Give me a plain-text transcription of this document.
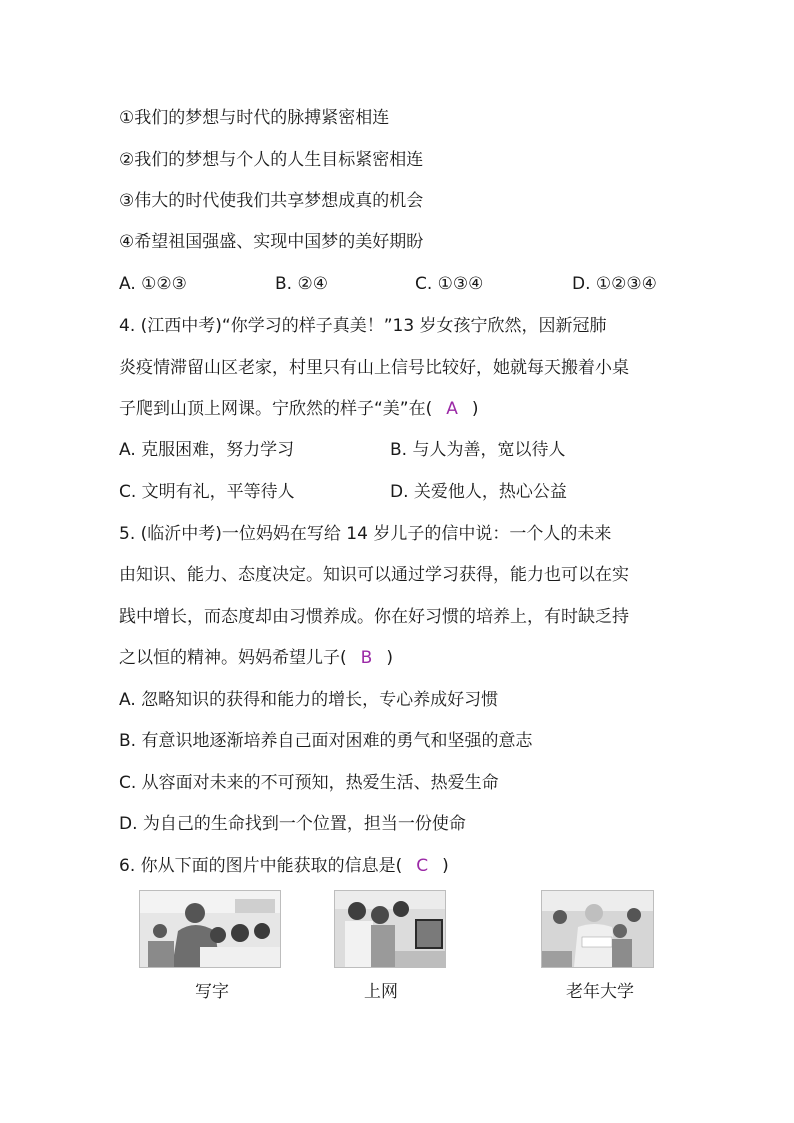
①我们的梦想与时代的脉搏紧密相连
②我们的梦想与个人的人生目标紧密相连
③伟大的时代使我们共享梦想成真的机会
④希望祖国强盛、实现中国梦的美好期盼
A. ①②③	B. ②④	C. ①③④	D. ①②③④
4. (江西中考)“你学习的样子真美！”13 岁女孩宁欣然，因新冠肺
炎疫情滞留山区老家，村里只有山上信号比较好，她就每天搬着小桌
子爬到山顶上网课。宁欣然的样子“美”在( A )
A. 克服困难，努力学习	B. 与人为善，宽以待人
C. 文明有礼，平等待人	D. 关爱他人，热心公益
5. (临沂中考)一位妈妈在写给 14 岁儿子的信中说：一个人的未来
由知识、能力、态度决定。知识可以通过学习获得，能力也可以在实
践中增长，而态度却由习惯养成。你在好习惯的培养上，有时缺乏持
之以恒的精神。妈妈希望儿子( B )
A. 忽略知识的获得和能力的增长，专心养成好习惯
B. 有意识地逐渐培养自己面对困难的勇气和坚强的意志
C. 从容面对未来的不可预知，热爱生活、热爱生命
D. 为自己的生命找到一个位置，担当一份使命
6. 你从下面的图片中能获取的信息是( C )
写字	上网	老年大学
